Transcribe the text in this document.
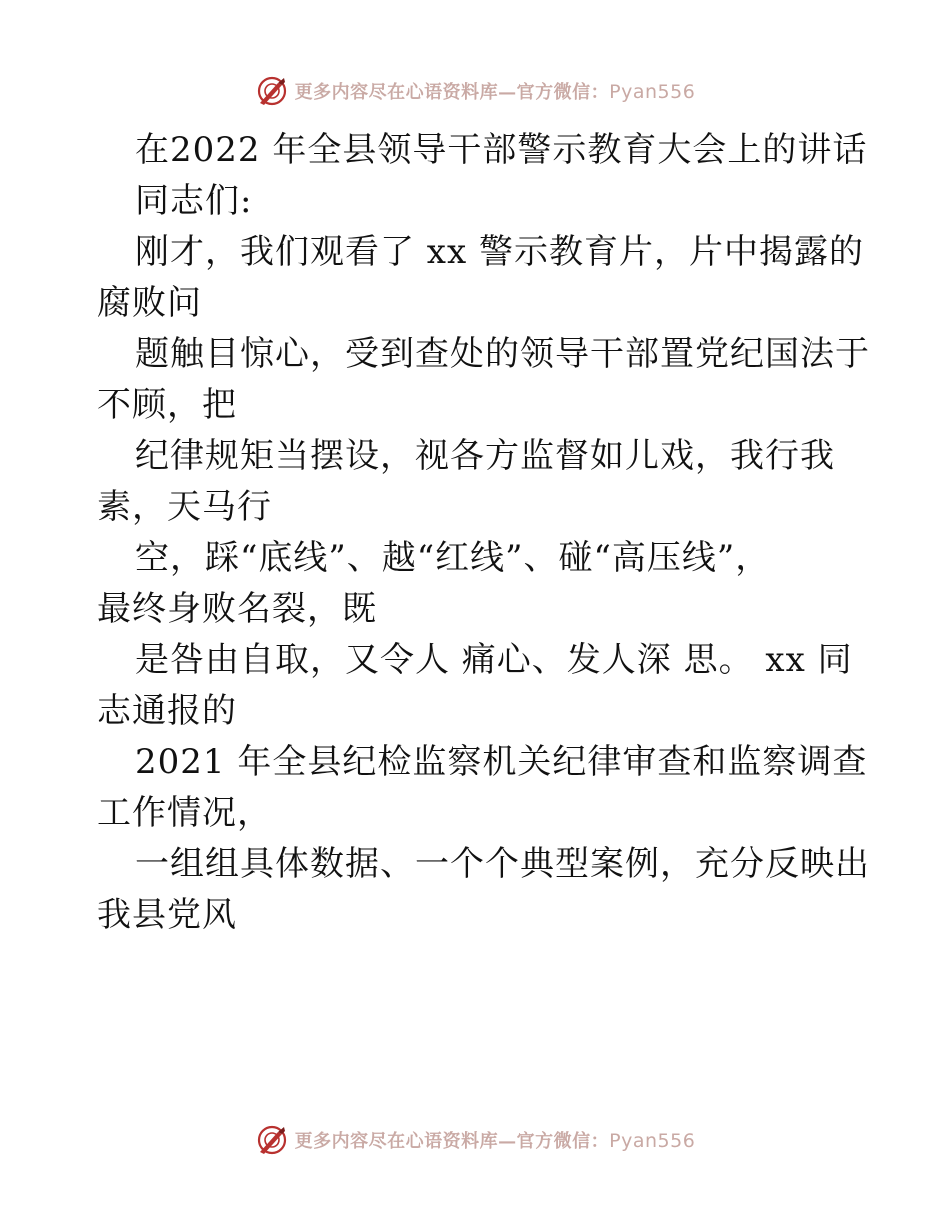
更多内容尽在心语资料库—官方微信：Pyan556
在2022 年全县领导干部警示教育大会上的讲话
同志们:
刚才，我们观看了 xx 警示教育片，片中揭露的
腐败问
题触目惊心，受到查处的领导干部置党纪国法于
不顾，把
纪律规矩当摆设，视各方监督如儿戏，我行我
素，天马行
空，踩“底线”、越“红线”、碰“高压线”，
最终身败名裂，既
是咎由自取，又令人 痛心、发人深 思。 xx 同
志通报的
2021 年全县纪检监察机关纪律审查和监察调查
工作情况，
一组组具体数据、一个个典型案例，充分反映出
我县党风
更多内容尽在心语资料库—官方微信：Pyan556
